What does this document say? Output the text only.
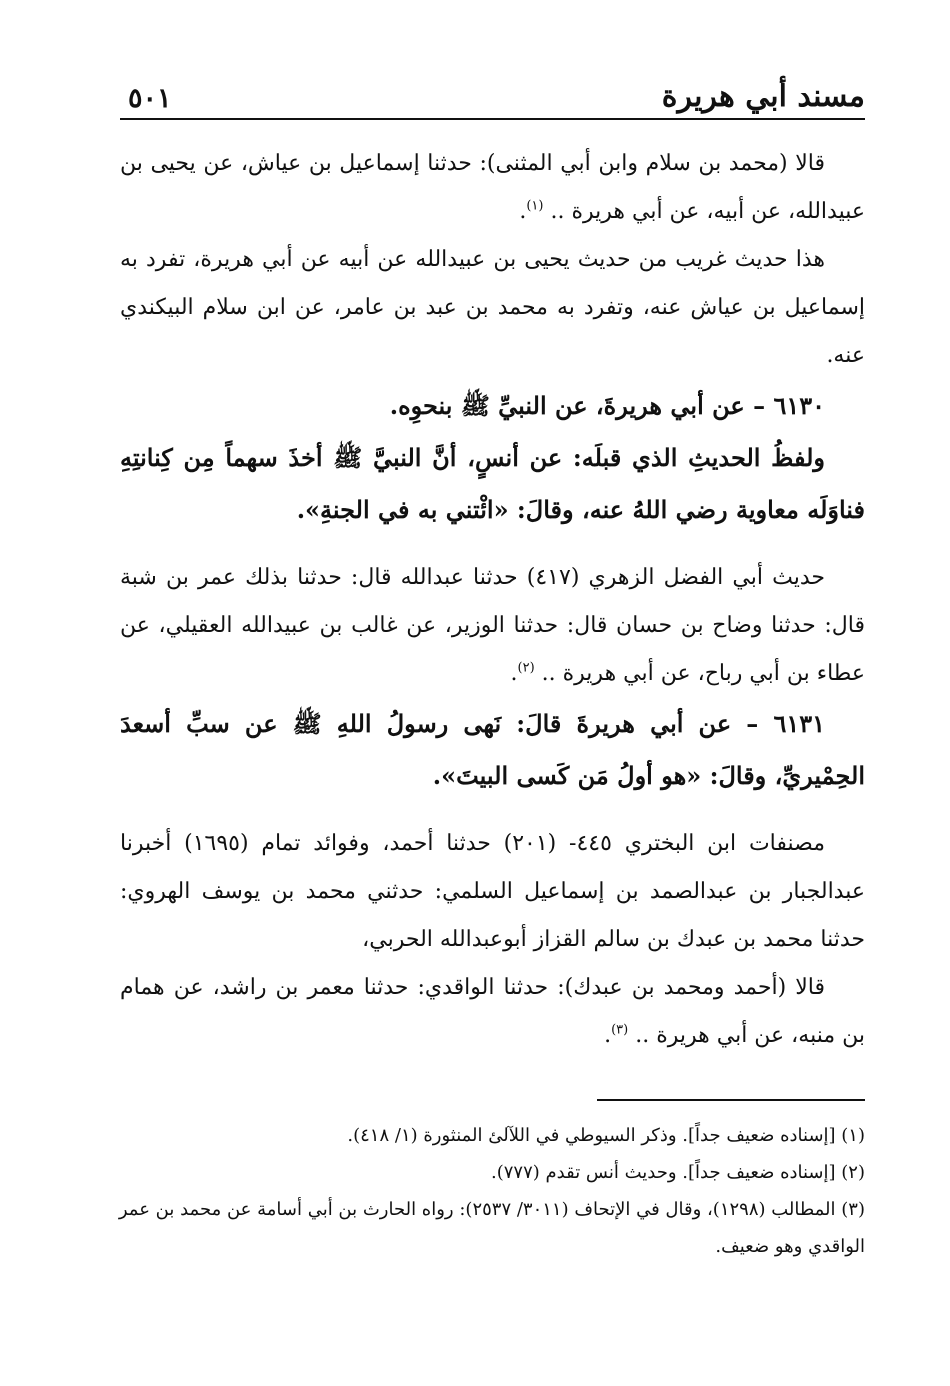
مسند أبي هريرة
٥٠١

قالا (محمد بن سلام وابن أبي المثنى): حدثنا إسماعيل بن عياش، عن يحيى بن عبيدالله، عن أبيه، عن أبي هريرة .. $^{(١)}$.

هذا حديث غريب من حديث يحيى بن عبيدالله عن أبيه عن أبي هريرة، تفرد به إسماعيل بن عياش عنه، وتفرد به محمد بن عبد بن عامر، عن ابن سلام البيكندي عنه.

٦١٣٠ – عن أبي هريرةَ، عن النبيِّ ﷺ بنحوِه.

ولفظُ الحديثِ الذي قبلَه: عن أنسٍ، أنَّ النبيَّ ﷺ أخذَ سهماً مِن كِنانتِهِ فناوَلَه معاوية رضي اللهُ عنه، وقالَ: «ائْتني به في الجنةِ».

حديث أبي الفضل الزهري (٤١٧) حدثنا عبدالله قال: حدثنا بذلك عمر بن شبة قال: حدثنا وضاح بن حسان قال: حدثنا الوزير، عن غالب بن عبيدالله العقيلي، عن عطاء بن أبي رباح، عن أبي هريرة .. $^{(٢)}$.

٦١٣١ – عن أبي هريرةَ قالَ: نَهى رسولُ اللهِ ﷺ عن سبِّ أسعدَ الحِمْيريِّ، وقالَ: «هو أولُ مَن كَسى البيتَ».

مصنفات ابن البختري ٤٤٥- (٢٠١) حدثنا أحمد، وفوائد تمام (١٦٩٥) أخبرنا عبدالجبار بن عبدالصمد بن إسماعيل السلمي: حدثني محمد بن يوسف الهروي: حدثنا محمد بن عبدك بن سالم القزاز أبوعبدالله الحربي،

قالا (أحمد ومحمد بن عبدك): حدثنا الواقدي: حدثنا معمر بن راشد، عن همام بن منبه، عن أبي هريرة .. $^{(٣)}$.

(١) [إسناده ضعيف جداً]. وذكر السيوطي في اللآلئ المنثورة (١/ ٤١٨).

(٢) [إسناده ضعيف جداً]. وحديث أنس تقدم (٧٧٧).

(٣) المطالب (١٢٩٨)، وقال في الإتحاف (٣٠١١/ ٢٥٣٧): رواه الحارث بن أبي أسامة عن محمد بن عمر الواقدي وهو ضعيف.
